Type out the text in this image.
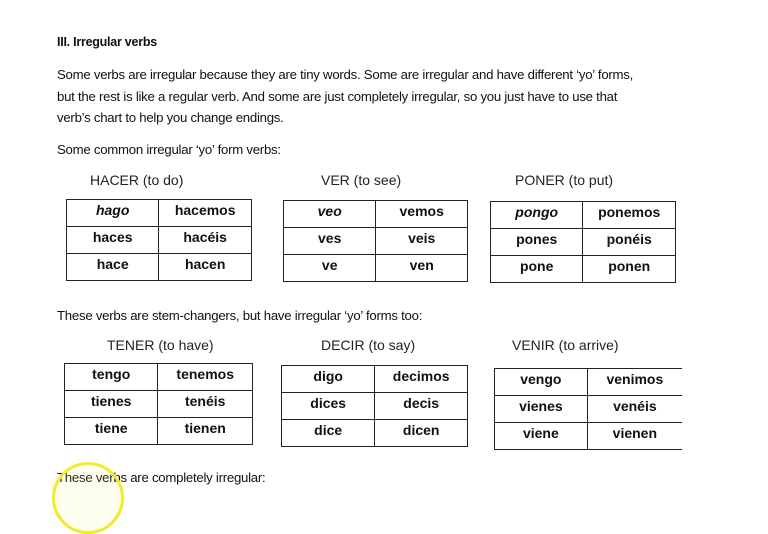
III. Irregular verbs
Some verbs are irregular because they are tiny words. Some are irregular and have different ‘yo’ forms,
but the rest is like a regular verb. And some are just completely irregular, so you just have to use that
verb’s chart to help you change endings.
Some common irregular ‘yo’ form verbs:
HACER (to do)
hago	hacemos
haces	hacéis
hace	hacen
VER (to see)
veo	vemos
ves	veis
ve	ven
PONER (to put)
pongo	ponemos
pones	ponéis
pone	ponen
These verbs are stem-changers, but have irregular ‘yo’ forms too:
TENER (to have)
tengo	tenemos
tienes	tenéis
tiene	tienen
DECIR (to say)
digo	decimos
dices	decis
dice	dicen
VENIR (to arrive)
vengo	venimos
vienes	venéis
viene	vienen
These verbs are completely irregular:
